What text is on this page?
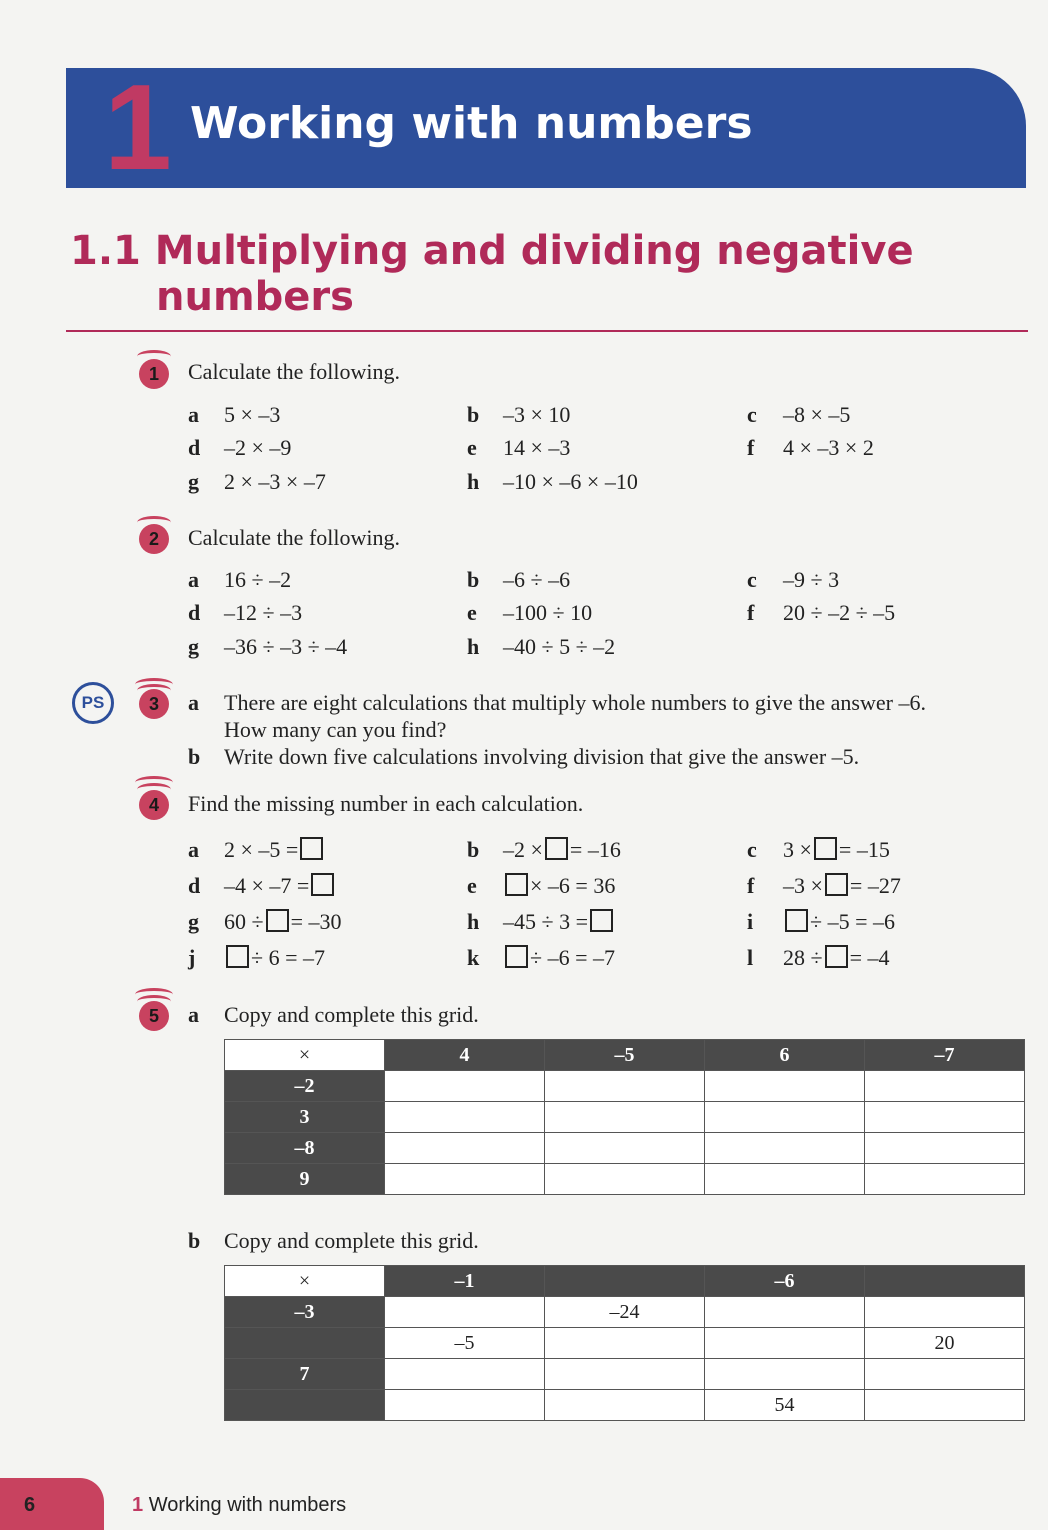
1 Working with numbers
1.1 Multiplying and dividing negative
numbers
1	Calculate the following.
a 5 × –3	b –3 × 10	c –8 × –5
d –2 × –9	e 14 × –3	f 4 × –3 × 2
g 2 × –3 × –7	h –10 × –6 × –10
2	Calculate the following.
a 16 ÷ –2	b –6 ÷ –6	c –9 ÷ 3
d –12 ÷ –3	e –100 ÷ 10	f 20 ÷ –2 ÷ –5
g –36 ÷ –3 ÷ –4	h –40 ÷ 5 ÷ –2
PS	3	a There are eight calculations that multiply whole numbers to give the answer –6.
How many can you find?
b Write down five calculations involving division that give the answer –5.
4	Find the missing number in each calculation.
a 2 × –5 =	b –2 × = –16	c 3 × = –15
d –4 × –7 =	e	× –6 = 36	f –3 × = –27
g 60 ÷ = –30	h –45 ÷ 3 =	i	÷ –5 = –6
j	÷ 6 = –7	k	÷ –6 = –7	l 28 ÷ = –4
5	a Copy and complete this grid.
×	4	–5	6	–7
–2				
3				
–8				
9				
b Copy and complete this grid.
×	–1		–6	
–3		–24		
	–5			20
7				
			54	
6	1 Working with numbers
